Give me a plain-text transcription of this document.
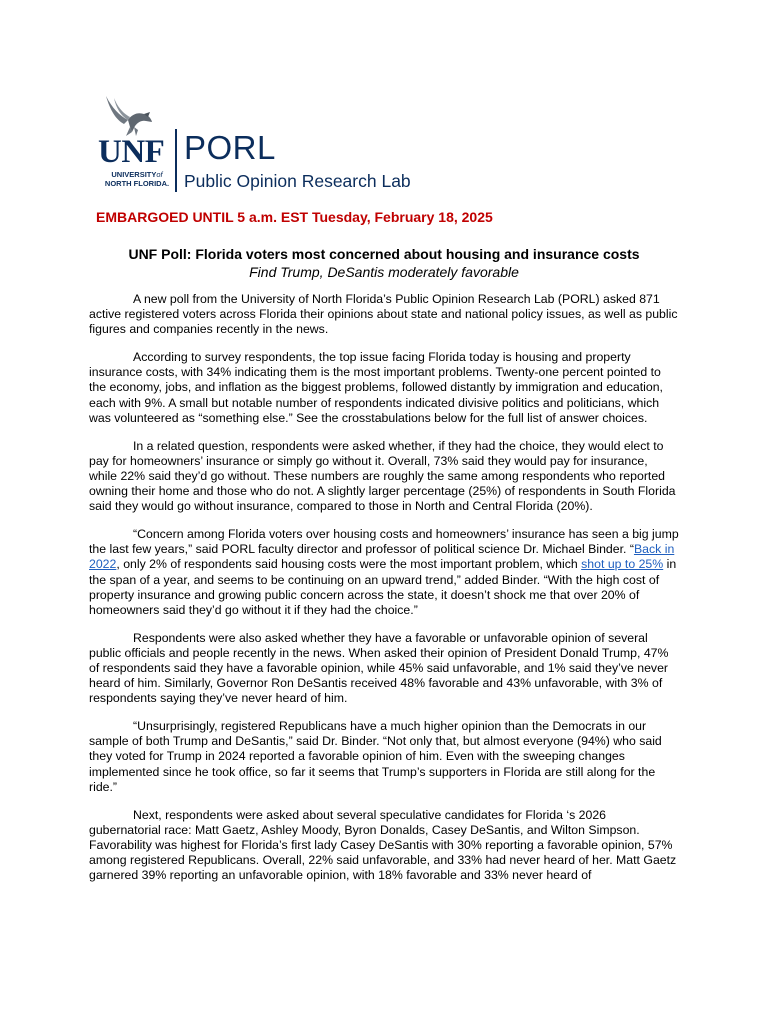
UNF
UNIVERSITYof
NORTH FLORIDA.
PORL
Public Opinion Research Lab
EMBARGOED UNTIL 5 a.m. EST Tuesday, February 18, 2025
UNF Poll: Florida voters most concerned about housing and insurance costs
Find Trump, DeSantis moderately favorable

A new poll from the University of North Florida’s Public Opinion Research Lab (PORL) asked 871 active registered voters across Florida their opinions about state and national policy issues, as well as public figures and companies recently in the news.

According to survey respondents, the top issue facing Florida today is housing and property insurance costs, with 34% indicating them is the most important problems. Twenty-one percent pointed to the economy, jobs, and inflation as the biggest problems, followed distantly by immigration and education, each with 9%. A small but notable number of respondents indicated divisive politics and politicians, which was volunteered as “something else.” See the crosstabulations below for the full list of answer choices.

In a related question, respondents were asked whether, if they had the choice, they would elect to pay for homeowners’ insurance or simply go without it. Overall, 73% said they would pay for insurance, while 22% said they’d go without. These numbers are roughly the same among respondents who reported owning their home and those who do not. A slightly larger percentage (25%) of respondents in South Florida said they would go without insurance, compared to those in North and Central Florida (20%).

“Concern among Florida voters over housing costs and homeowners’ insurance has seen a big jump the last few years,” said PORL faculty director and professor of political science Dr. Michael Binder. “Back in 2022, only 2% of respondents said housing costs were the most important problem, which shot up to 25% in the span of a year, and seems to be continuing on an upward trend,” added Binder. “With the high cost of property insurance and growing public concern across the state, it doesn’t shock me that over 20% of homeowners said they’d go without it if they had the choice.”

Respondents were also asked whether they have a favorable or unfavorable opinion of several public officials and people recently in the news. When asked their opinion of President Donald Trump, 47% of respondents said they have a favorable opinion, while 45% said unfavorable, and 1% said they’ve never heard of him. Similarly, Governor Ron DeSantis received 48% favorable and 43% unfavorable, with 3% of respondents saying they’ve never heard of him.

“Unsurprisingly, registered Republicans have a much higher opinion than the Democrats in our sample of both Trump and DeSantis,” said Dr. Binder. “Not only that, but almost everyone (94%) who said they voted for Trump in 2024 reported a favorable opinion of him. Even with the sweeping changes implemented since he took office, so far it seems that Trump’s supporters in Florida are still along for the ride.”

Next, respondents were asked about several speculative candidates for Florida ‘s 2026 gubernatorial race: Matt Gaetz, Ashley Moody, Byron Donalds, Casey DeSantis, and Wilton Simpson. Favorability was highest for Florida’s first lady Casey DeSantis with 30% reporting a favorable opinion, 57% among registered Republicans. Overall, 22% said unfavorable, and 33% had never heard of her. Matt Gaetz garnered 39% reporting an unfavorable opinion, with 18% favorable and 33% never heard of
